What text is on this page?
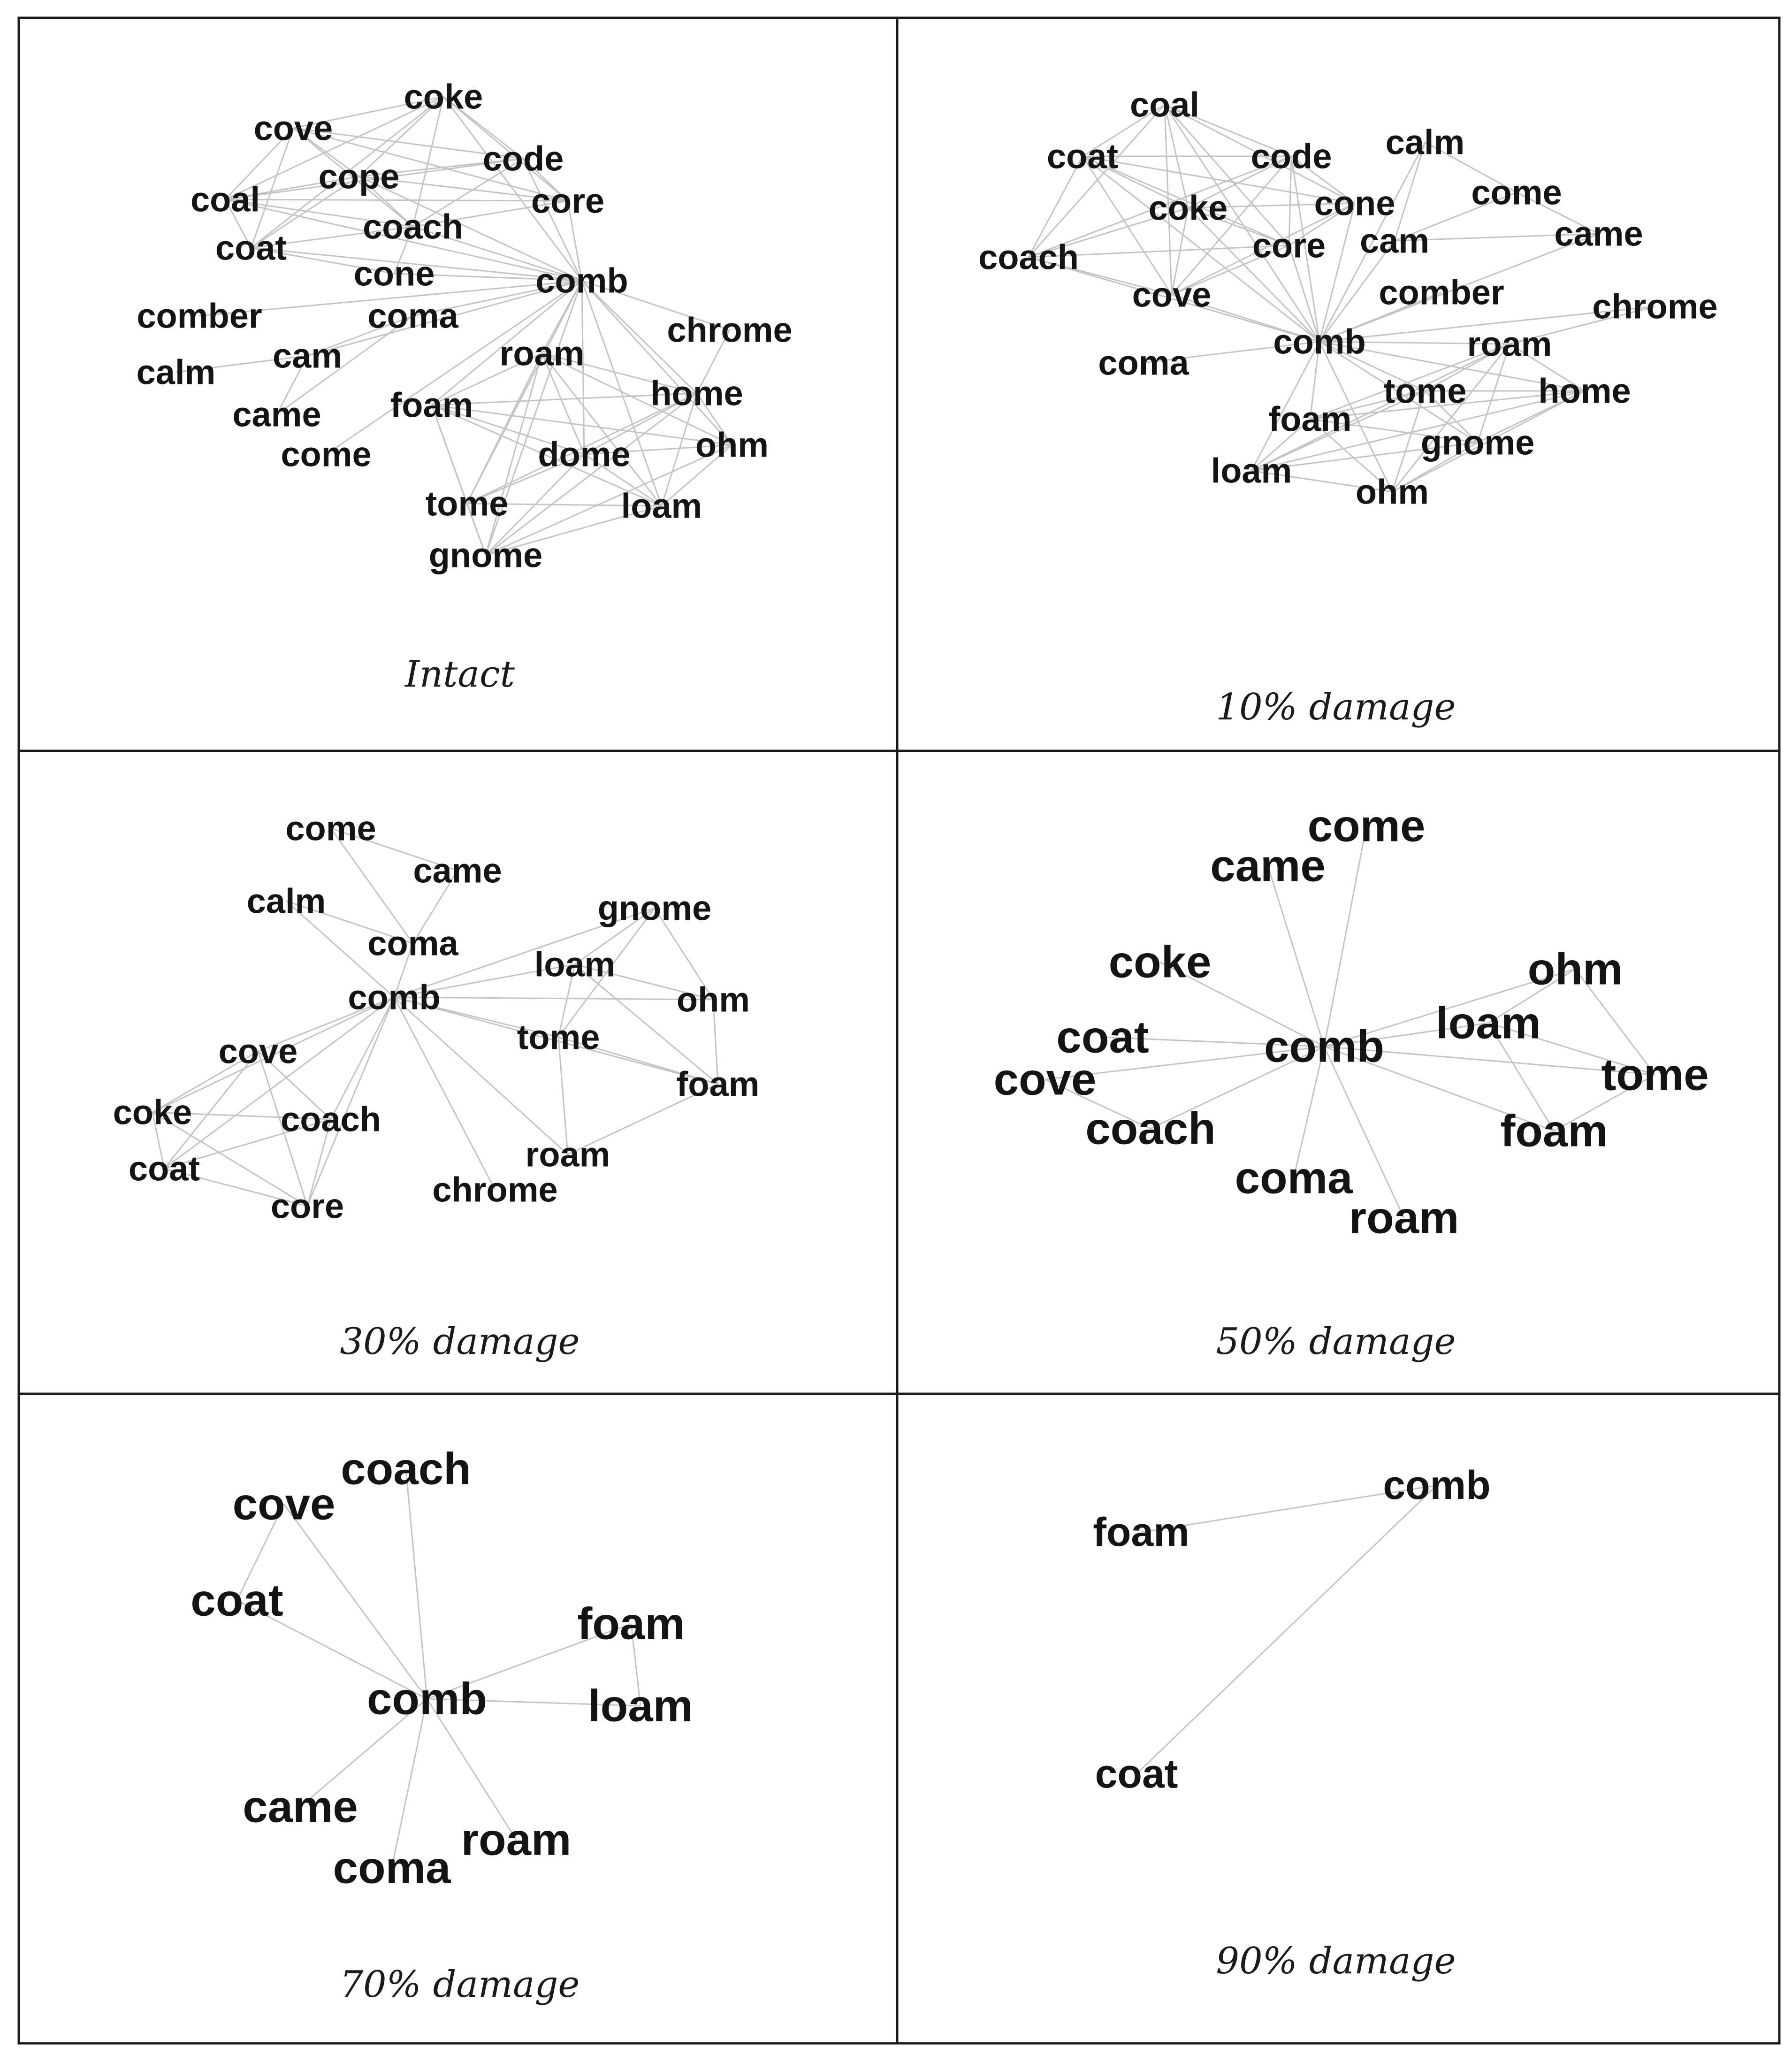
coke
cove
code
coal
cope
core
coach
coat
cone	comb
comber	coma	chrome
calm cam	roam
home
came foam
come	dome ohm
tome	loam
gnome
Intact
coal
coat	code calm
come
coke cone
coach	core cam	came
cove	comber	chrome
coma
comb	roam
tome home
foam
gnome
loam
ohm
10% damage
come
came
calm
coma
gnome
loam
comb	ohm
cove	tome
foam
coke	coach
roam
coat
chrome
core
30% damage
come
came
coke	ohm
coat	comb loam
cove	tome
coach	foam
coma
roam
50% damage
coach
cove
coat	foam
comb loam
came
roam
coma
70% damage
comb
foam
coat
90% damage
